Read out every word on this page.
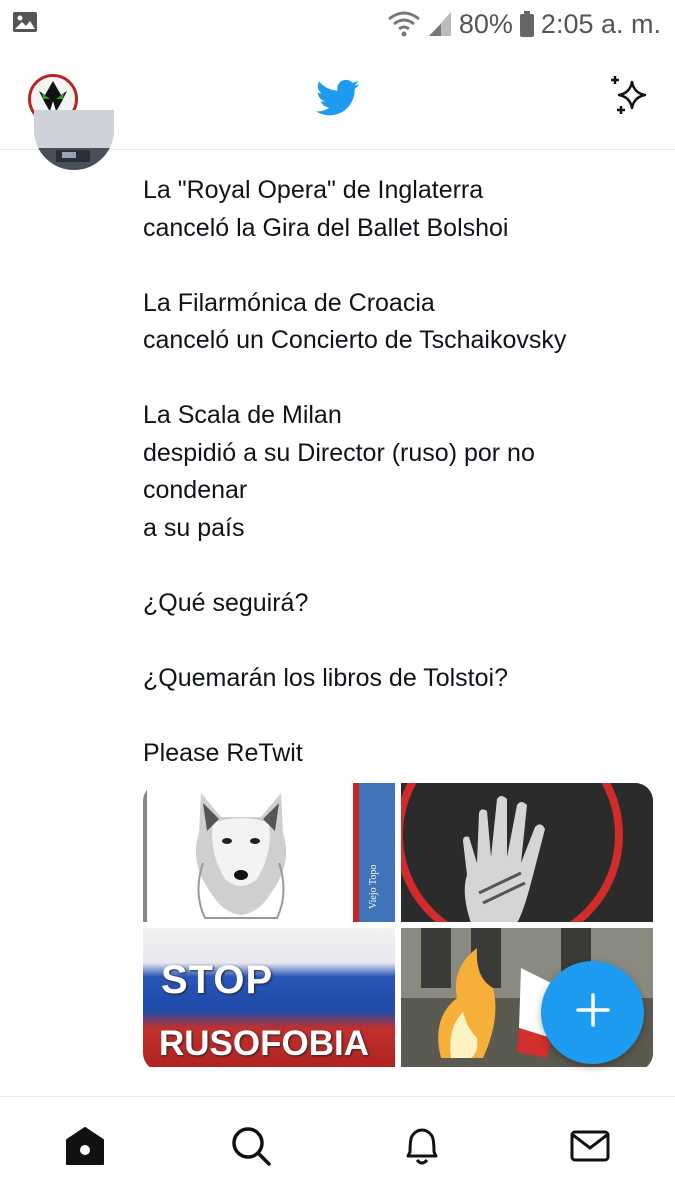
80% 2:05 a. m.

La "Royal Opera" de Inglaterra
canceló la Gira del Ballet Bolshoi

La Filarmónica de Croacia
canceló un Concierto de Tschaikovsky

La Scala de Milan
despidió a su Director (ruso) por no
condenar
a su país

¿Qué seguirá?

¿Quemarán los libros de Tolstoi?

Please ReTwit

Viejo Topo
STOP
RUSOFOBIA
